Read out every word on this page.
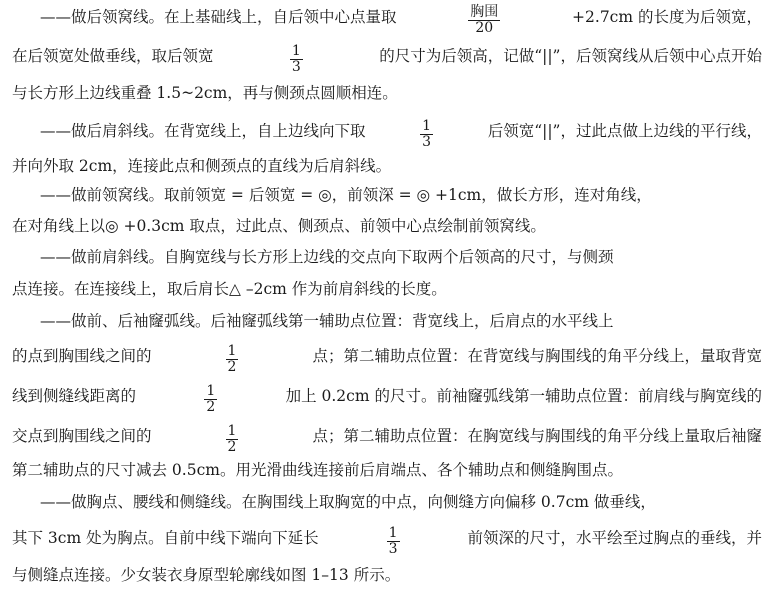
——做后领窝线。在上基础线上，自后领中心点量取	$\frac{\text{胸围}}{20}$	+2.7cm 的长度为后领宽，
在后领宽处做垂线，取后领宽	$\frac{1}{3}$	的尺寸为后领高，记做“||”，后领窝线从后领中心点开始
与长方形上边线重叠 1.5~2cm，再与侧颈点圆顺相连。
——做后肩斜线。在背宽线上，自上边线向下取	$\frac{1}{3}$	后领宽“||”，过此点做上边线的平行线，
并向外取 2cm，连接此点和侧颈点的直线为后肩斜线。
——做前领窝线。取前领宽 = 后领宽 = ◎，前领深 = ◎ +1cm，做长方形，连对角线，
在对角线上以◎ +0.3cm 取点，过此点、侧颈点、前领中心点绘制前领窝线。
——做前肩斜线。自胸宽线与长方形上边线的交点向下取两个后领高的尺寸，与侧颈
点连接。在连接线上，取后肩长△ –2cm 作为前肩斜线的长度。
——做前、后袖窿弧线。后袖窿弧线第一辅助点位置：背宽线上，后肩点的水平线上
的点到胸围线之间的	$\frac{1}{2}$	点；第二辅助点位置：在背宽线与胸围线的角平分线上，量取背宽
线到侧缝线距离的	$\frac{1}{2}$	加上 0.2cm 的尺寸。前袖窿弧线第一辅助点位置：前肩线与胸宽线的
交点到胸围线之间的	$\frac{1}{2}$	点；第二辅助点位置：在胸宽线与胸围线的角平分线上量取后袖窿
第二辅助点的尺寸减去 0.5cm。用光滑曲线连接前后肩端点、各个辅助点和侧缝胸围点。
——做胸点、腰线和侧缝线。在胸围线上取胸宽的中点，向侧缝方向偏移 0.7cm 做垂线，
其下 3cm 处为胸点。自前中线下端向下延长	$\frac{1}{3}$	前领深的尺寸，水平绘至过胸点的垂线，并
与侧缝点连接。少女装衣身原型轮廓线如图 1–13 所示。
